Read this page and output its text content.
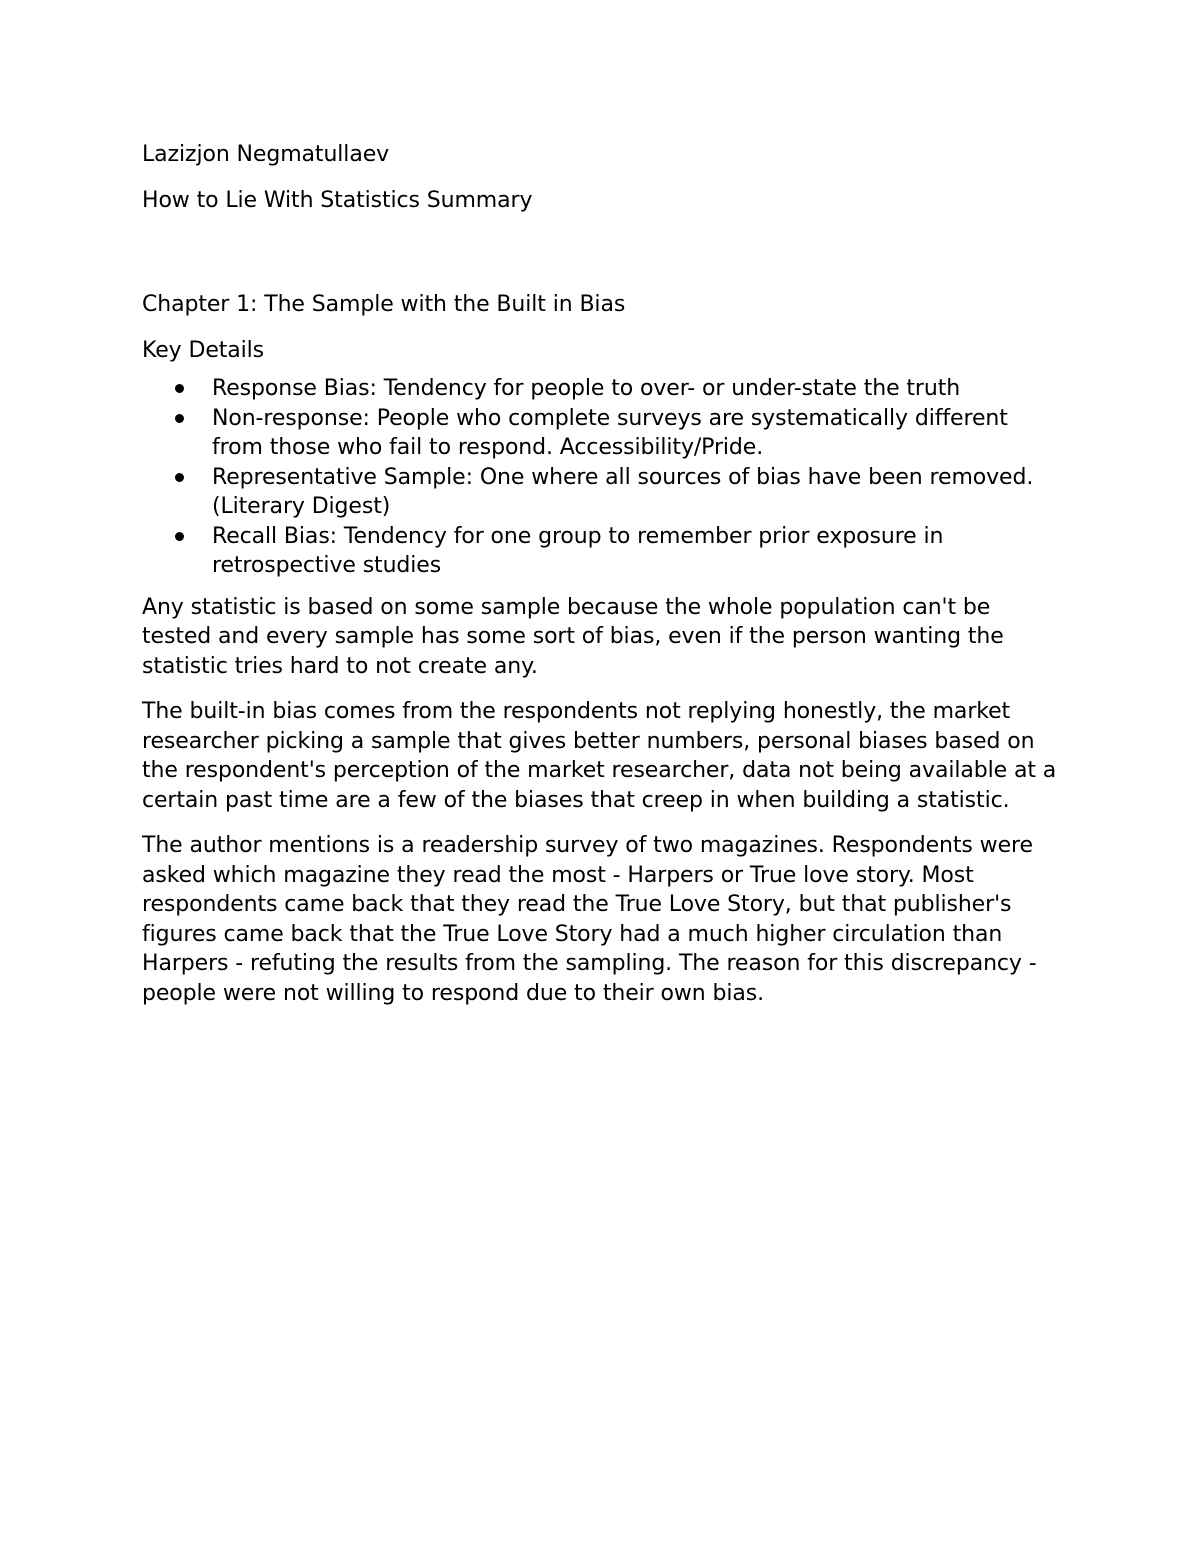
Lazizjon Negmatullaev

How to Lie With Statistics Summary

Chapter 1: The Sample with the Built in Bias

Key Details

Response Bias: Tendency for people to over- or under-state the truth
Non-response: People who complete surveys are systematically different from those who fail to respond. Accessibility/Pride.
Representative Sample: One where all sources of bias have been removed. (Literary Digest)
Recall Bias: Tendency for one group to remember prior exposure in retrospective studies

Any statistic is based on some sample because the whole population can't be tested and every sample has some sort of bias, even if the person wanting the statistic tries hard to not create any.

The built-in bias comes from the respondents not replying honestly, the market researcher picking a sample that gives better numbers, personal biases based on the respondent's perception of the market researcher, data not being available at a certain past time are a few of the biases that creep in when building a statistic.

The author mentions is a readership survey of two magazines. Respondents were asked which magazine they read the most - Harpers or True love story. Most respondents came back that they read the True Love Story, but that publisher's figures came back that the True Love Story had a much higher circulation than Harpers - refuting the results from the sampling. The reason for this discrepancy - people were not willing to respond due to their own bias.
